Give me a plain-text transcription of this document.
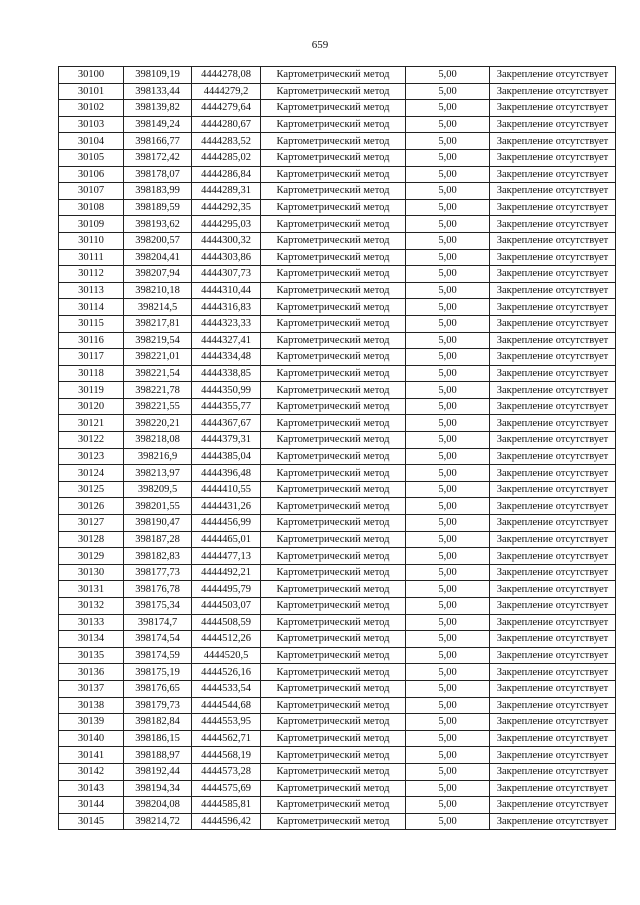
659
30100	398109,19	4444278,08	Картометрический метод	5,00	Закрепление отсутствует
30101	398133,44	4444279,2	Картометрический метод	5,00	Закрепление отсутствует
30102	398139,82	4444279,64	Картометрический метод	5,00	Закрепление отсутствует
30103	398149,24	4444280,67	Картометрический метод	5,00	Закрепление отсутствует
30104	398166,77	4444283,52	Картометрический метод	5,00	Закрепление отсутствует
30105	398172,42	4444285,02	Картометрический метод	5,00	Закрепление отсутствует
30106	398178,07	4444286,84	Картометрический метод	5,00	Закрепление отсутствует
30107	398183,99	4444289,31	Картометрический метод	5,00	Закрепление отсутствует
30108	398189,59	4444292,35	Картометрический метод	5,00	Закрепление отсутствует
30109	398193,62	4444295,03	Картометрический метод	5,00	Закрепление отсутствует
30110	398200,57	4444300,32	Картометрический метод	5,00	Закрепление отсутствует
30111	398204,41	4444303,86	Картометрический метод	5,00	Закрепление отсутствует
30112	398207,94	4444307,73	Картометрический метод	5,00	Закрепление отсутствует
30113	398210,18	4444310,44	Картометрический метод	5,00	Закрепление отсутствует
30114	398214,5	4444316,83	Картометрический метод	5,00	Закрепление отсутствует
30115	398217,81	4444323,33	Картометрический метод	5,00	Закрепление отсутствует
30116	398219,54	4444327,41	Картометрический метод	5,00	Закрепление отсутствует
30117	398221,01	4444334,48	Картометрический метод	5,00	Закрепление отсутствует
30118	398221,54	4444338,85	Картометрический метод	5,00	Закрепление отсутствует
30119	398221,78	4444350,99	Картометрический метод	5,00	Закрепление отсутствует
30120	398221,55	4444355,77	Картометрический метод	5,00	Закрепление отсутствует
30121	398220,21	4444367,67	Картометрический метод	5,00	Закрепление отсутствует
30122	398218,08	4444379,31	Картометрический метод	5,00	Закрепление отсутствует
30123	398216,9	4444385,04	Картометрический метод	5,00	Закрепление отсутствует
30124	398213,97	4444396,48	Картометрический метод	5,00	Закрепление отсутствует
30125	398209,5	4444410,55	Картометрический метод	5,00	Закрепление отсутствует
30126	398201,55	4444431,26	Картометрический метод	5,00	Закрепление отсутствует
30127	398190,47	4444456,99	Картометрический метод	5,00	Закрепление отсутствует
30128	398187,28	4444465,01	Картометрический метод	5,00	Закрепление отсутствует
30129	398182,83	4444477,13	Картометрический метод	5,00	Закрепление отсутствует
30130	398177,73	4444492,21	Картометрический метод	5,00	Закрепление отсутствует
30131	398176,78	4444495,79	Картометрический метод	5,00	Закрепление отсутствует
30132	398175,34	4444503,07	Картометрический метод	5,00	Закрепление отсутствует
30133	398174,7	4444508,59	Картометрический метод	5,00	Закрепление отсутствует
30134	398174,54	4444512,26	Картометрический метод	5,00	Закрепление отсутствует
30135	398174,59	4444520,5	Картометрический метод	5,00	Закрепление отсутствует
30136	398175,19	4444526,16	Картометрический метод	5,00	Закрепление отсутствует
30137	398176,65	4444533,54	Картометрический метод	5,00	Закрепление отсутствует
30138	398179,73	4444544,68	Картометрический метод	5,00	Закрепление отсутствует
30139	398182,84	4444553,95	Картометрический метод	5,00	Закрепление отсутствует
30140	398186,15	4444562,71	Картометрический метод	5,00	Закрепление отсутствует
30141	398188,97	4444568,19	Картометрический метод	5,00	Закрепление отсутствует
30142	398192,44	4444573,28	Картометрический метод	5,00	Закрепление отсутствует
30143	398194,34	4444575,69	Картометрический метод	5,00	Закрепление отсутствует
30144	398204,08	4444585,81	Картометрический метод	5,00	Закрепление отсутствует
30145	398214,72	4444596,42	Картометрический метод	5,00	Закрепление отсутствует
